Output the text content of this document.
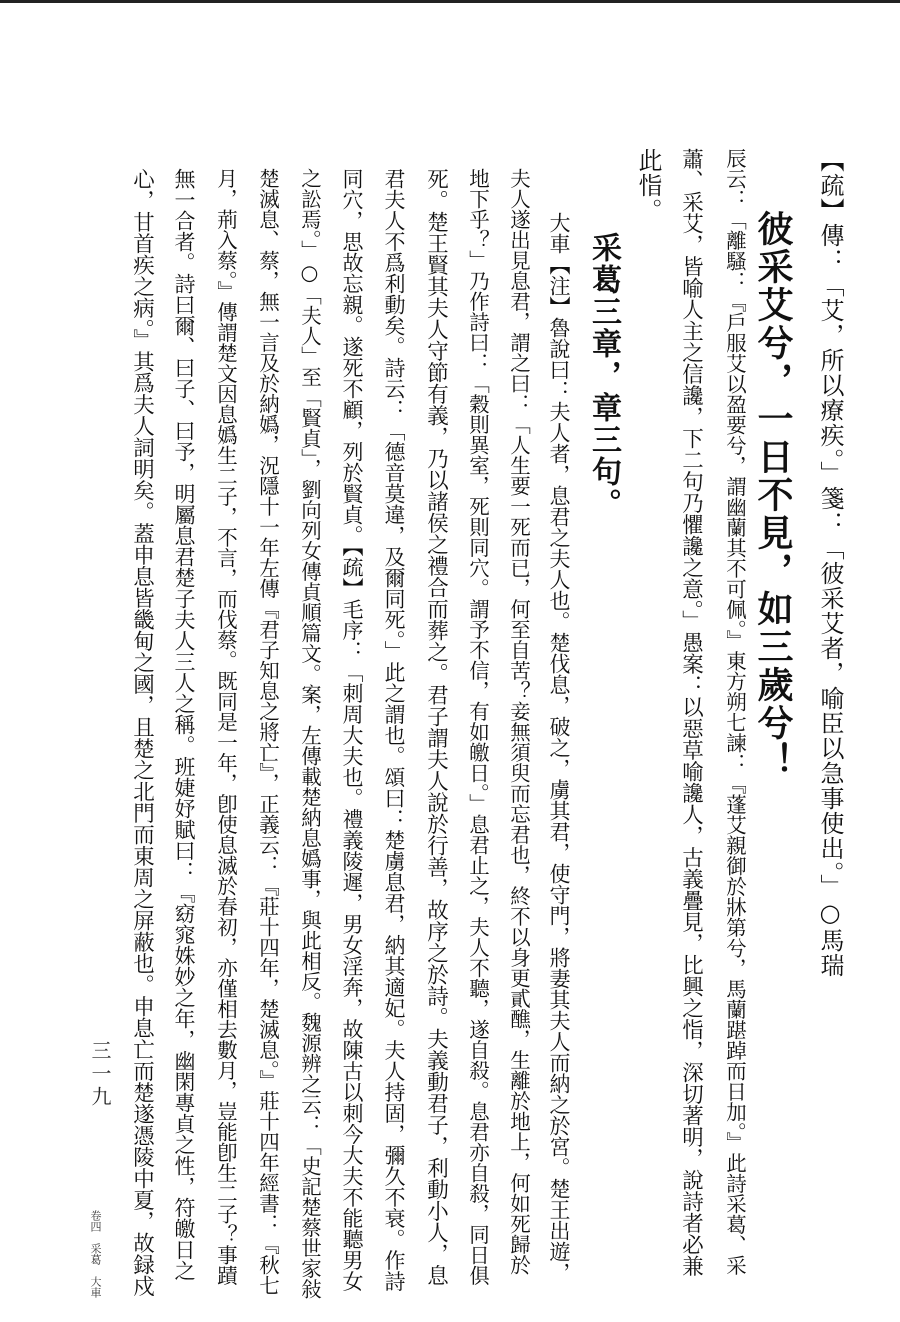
【疏】傳：「艾，所以療疾。」箋：「彼采艾者，喻臣以急事使出。」○馬瑞
彼采艾兮，一日不見，如三歲兮！
辰云：「離騷：『戶服艾以盈要兮，謂幽蘭其不可佩。』東方朔七諫：『蓬艾親御於牀第兮，馬蘭踸踔而日加。』此詩采葛、采
蕭、采艾，皆喻人主之信讒，下二句乃懼讒之意。」愚案：以惡草喻讒人，古義疊見，比興之恉，深切著明，說詩者必兼
此恉。
采葛三章，章三句。
大車【注】魯說曰：夫人者，息君之夫人也。楚伐息，破之，虜其君，使守門，將妻其夫人而納之於宮。楚王出遊，
夫人遂出見息君，謂之曰：「人生要一死而已，何至自苦？妾無須臾而忘君也，終不以身更貳醮，生離於地上，何如死歸於
地下乎？」乃作詩曰：「穀則異室，死則同穴。謂予不信，有如皦日。」息君止之，夫人不聽，遂自殺。息君亦自殺，同日俱
死。楚王賢其夫人守節有義，乃以諸侯之禮合而葬之。君子謂夫人說於行善，故序之於詩。夫義動君子，利動小人，息
君夫人不爲利動矣。詩云：「德音莫違，及爾同死。」此之謂也。頌曰：楚虜息君，納其適妃。夫人持固，彌久不衰。作詩
同穴，思故忘親。遂死不顧，列於賢貞。【疏】毛序：「刺周大夫也。禮義陵遲，男女淫奔，故陳古以刺今大夫不能聽男女
之訟焉。」○「夫人」至「賢貞」，劉向列女傳貞順篇文。案，左傳載楚納息嬀事，與此相反。魏源辨之云：「史記楚蔡世家敍
楚滅息、蔡，無一言及於納嬀，況隱十一年左傳『君子知息之將亡』，正義云：『莊十四年，楚滅息。』莊十四年經書：『秋七
月，荊入蔡。』傳謂楚文因息嬀生二子，不言，而伐蔡。既同是一年，卽使息滅於春初，亦僅相去數月，豈能卽生二子？事蹟
無一合者。詩曰爾、曰子、曰予，明屬息君楚子夫人三人之稱。班婕妤賦曰：『窈窕姝妙之年，幽閑專貞之性，符皦日之
心，甘首疾之病。』其爲夫人詞明矣。蓋申息皆畿甸之國，且楚之北門而東周之屏蔽也。申息亡而楚遂憑陵中夏，故録戍
卷四　采葛　大車
三一九
